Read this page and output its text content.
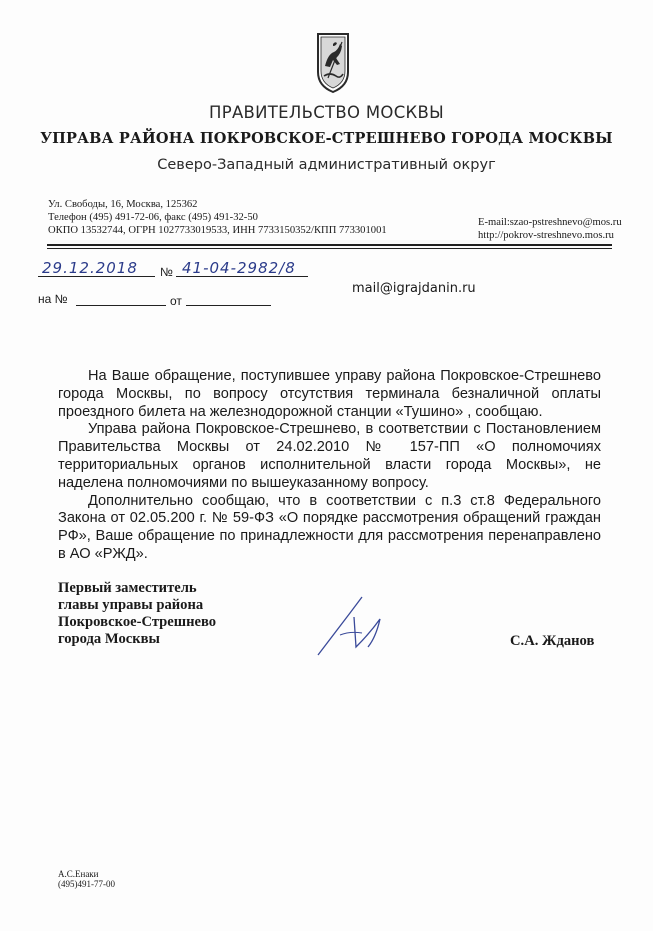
ПРАВИТЕЛЬСТВО МОСКВЫ
УПРАВА РАЙОНА ПОКРОВСКОЕ-СТРЕШНЕВО ГОРОДА МОСКВЫ
Северо-Западный административный округ
Ул. Свободы, 16, Москва, 125362
Телефон (495) 491-72-06, факс (495) 491-32-50
ОКПО 13532744, ОГРН 1027733019533, ИНН 7733150352/КПП 773301001
E-mail:szao-pstreshnevo@mos.ru
http://pokrov-streshnevo.mos.ru
29.12.2018 № 41-04-2982/8
на №	от
mail@igrajdanin.ru

На Ваше обращение, поступившее управу района Покровское-Стрешнево города Москвы, по вопросу отсутствия терминала безналичной оплаты проездного билета на железнодорожной станции «Тушино» , сообщаю.

Управа района Покровское-Стрешнево, в соответствии с Постановлением Правительства Москвы от 24.02.2010 № 157-ПП «О полномочиях территориальных органов исполнительной власти города Москвы», не наделена полномочиями по вышеуказанному вопросу.

Дополнительно сообщаю, что в соответствии с п.3 ст.8 Федерального Закона от 02.05.200 г. № 59-ФЗ «О порядке рассмотрения обращений граждан РФ», Ваше обращение по принадлежности для рассмотрения перенаправлено в АО «РЖД».

Первый заместитель
главы управы района
Покровское-Стрешнево
города Москвы	С.А. Жданов
А.С.Енаки
(495)491-77-00
